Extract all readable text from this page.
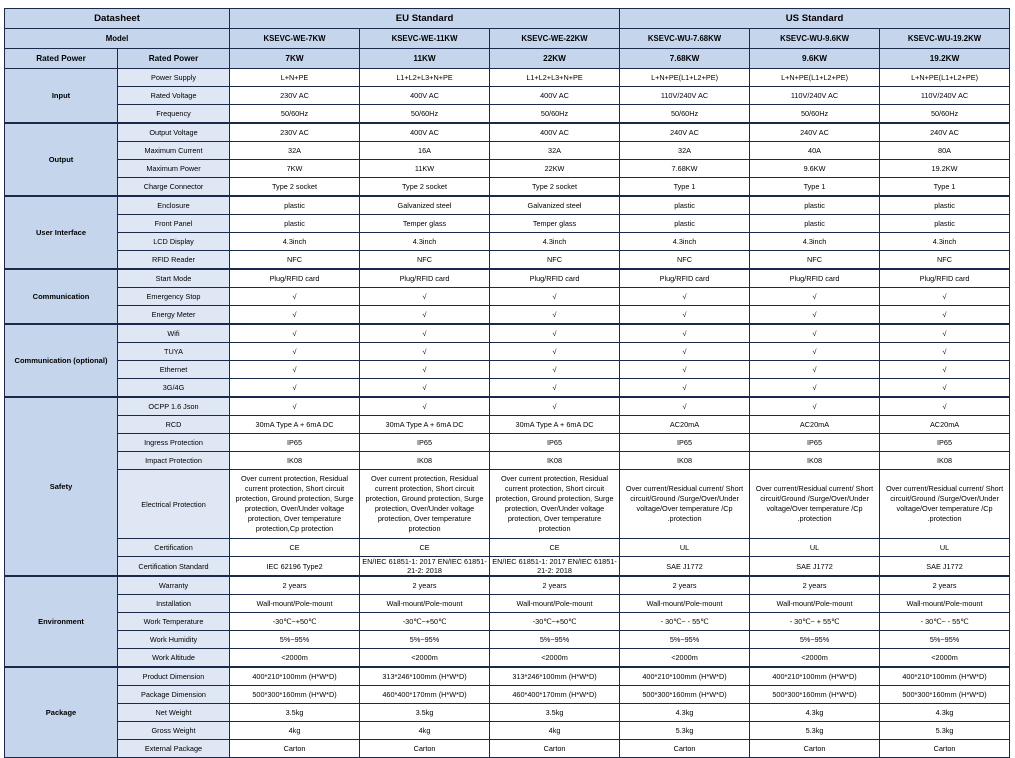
Datasheet		EU Standard			US Standard		
Model		KSEVC-WE-7KW	KSEVC-WE-11KW	KSEVC-WE-22KW	KSEVC-WU-7.68KW	KSEVC-WU-9.6KW	KSEVC-WU-19.2KW
Rated Power	Rated Power	7KW	11KW	22KW	7.68KW	9.6KW	19.2KW
Input	Power Supply	L+N+PE	L1+L2+L3+N+PE	L1+L2+L3+N+PE	L+N+PE(L1+L2+PE)	L+N+PE(L1+L2+PE)	L+N+PE(L1+L2+PE)
	Rated Voltage	230V AC	400V AC	400V AC	110V/240V AC	110V/240V AC	110V/240V AC
	Frequency	50/60Hz	50/60Hz	50/60Hz	50/60Hz	50/60Hz	50/60Hz
Output	Output Voltage	230V AC	400V AC	400V AC	240V AC	240V AC	240V AC
	Maximum Current	32A	16A	32A	32A	40A	80A
	Maximum Power	7KW	11KW	22KW	7.68KW	9.6KW	19.2KW
	Charge Connector	Type 2 socket	Type 2 socket	Type 2 socket	Type 1	Type 1	Type 1
User Interface	Enclosure	plastic	Galvanized steel	Galvanized steel	plastic	plastic	plastic
	Front Panel	plastic	Temper glass	Temper glass	plastic	plastic	plastic
	LCD Display	4.3inch	4.3inch	4.3inch	4.3inch	4.3inch	4.3inch
	RFID Reader	NFC	NFC	NFC	NFC	NFC	NFC
Communication	Start Mode	Plug/RFID card	Plug/RFID card	Plug/RFID card	Plug/RFID card	Plug/RFID card	Plug/RFID card
	Emergency Stop	√	√	√	√	√	√
	Energy Meter	√	√	√	√	√	√
Communication (optional)	Wifi	√	√	√	√	√	√
	TUYA	√	√	√	√	√	√
	Ethernet	√	√	√	√	√	√
	3G/4G	√	√	√	√	√	√
Safety	OCPP 1.6 Json	√	√	√	√	√	√
	RCD	30mA Type A + 6mA DC	30mA Type A + 6mA DC	30mA Type A + 6mA DC	AC20mA	AC20mA	AC20mA
	Ingress Protection	IP65	IP65	IP65	IP65	IP65	IP65
	Impact Protection	IK08	IK08	IK08	IK08	IK08	IK08
	Electrical Protection	Over current protection, Residual current protection, Short circuit protection, Ground protection, Surge protection, Over/Under voltage protection, Over temperature protection,Cp protection	Over current protection, Residual current protection, Short circuit protection, Ground protection, Surge protection, Over/Under voltage protection, Over temperature protection	Over current protection, Residual current protection, Short circuit protection, Ground protection, Surge protection, Over/Under voltage protection, Over temperature protection	Over current/Residual current/ Short circuit/Ground /Surge/Over/Under voltage/Over temperature /Cp .protection	Over current/Residual current/ Short circuit/Ground /Surge/Over/Under voltage/Over temperature /Cp .protection	Over current/Residual current/ Short circuit/Ground /Surge/Over/Under voltage/Over temperature /Cp .protection
	Certification	CE	CE	CE	UL	UL	UL
	Certification Standard	IEC 62196 Type2	EN/IEC 61851-1: 2017 EN/IEC 61851-21-2: 2018	EN/IEC 61851-1: 2017 EN/IEC 61851-21-2: 2018	SAE J1772	SAE J1772	SAE J1772
Environment	Warranty	2 years	2 years	2 years	2 years	2 years	2 years
	Installation	Wall-mount/Pole-mount	Wall-mount/Pole-mount	Wall-mount/Pole-mount	Wall-mount/Pole-mount	Wall-mount/Pole-mount	Wall-mount/Pole-mount
	Work Temperature	-30℃~+50℃	-30℃~+50℃	-30℃~+50℃	- 30℃~ - 55℃	- 30℃~ + 55℃	- 30℃~ - 55℃
	Work Humidity	5%~95%	5%~95%	5%~95%	5%~95%	5%~95%	5%~95%
	Work Altitude	<2000m	<2000m	<2000m	<2000m	<2000m	<2000m
Package	Product Dimension	400*210*100mm (H*W*D)	313*246*100mm (H*W*D)	313*246*100mm (H*W*D)	400*210*100mm (H*W*D)	400*210*100mm (H*W*D)	400*210*100mm (H*W*D)
	Package Dimension	500*300*160mm (H*W*D)	460*400*170mm (H*W*D)	460*400*170mm (H*W*D)	500*300*160mm (H*W*D)	500*300*160mm (H*W*D)	500*300*160mm (H*W*D)
	Net Weight	3.5kg	3.5kg	3.5kg	4.3kg	4.3kg	4.3kg
	Gross Weight	4kg	4kg	4kg	5.3kg	5.3kg	5.3kg
	External Package	Carton	Carton	Carton	Carton	Carton	Carton
